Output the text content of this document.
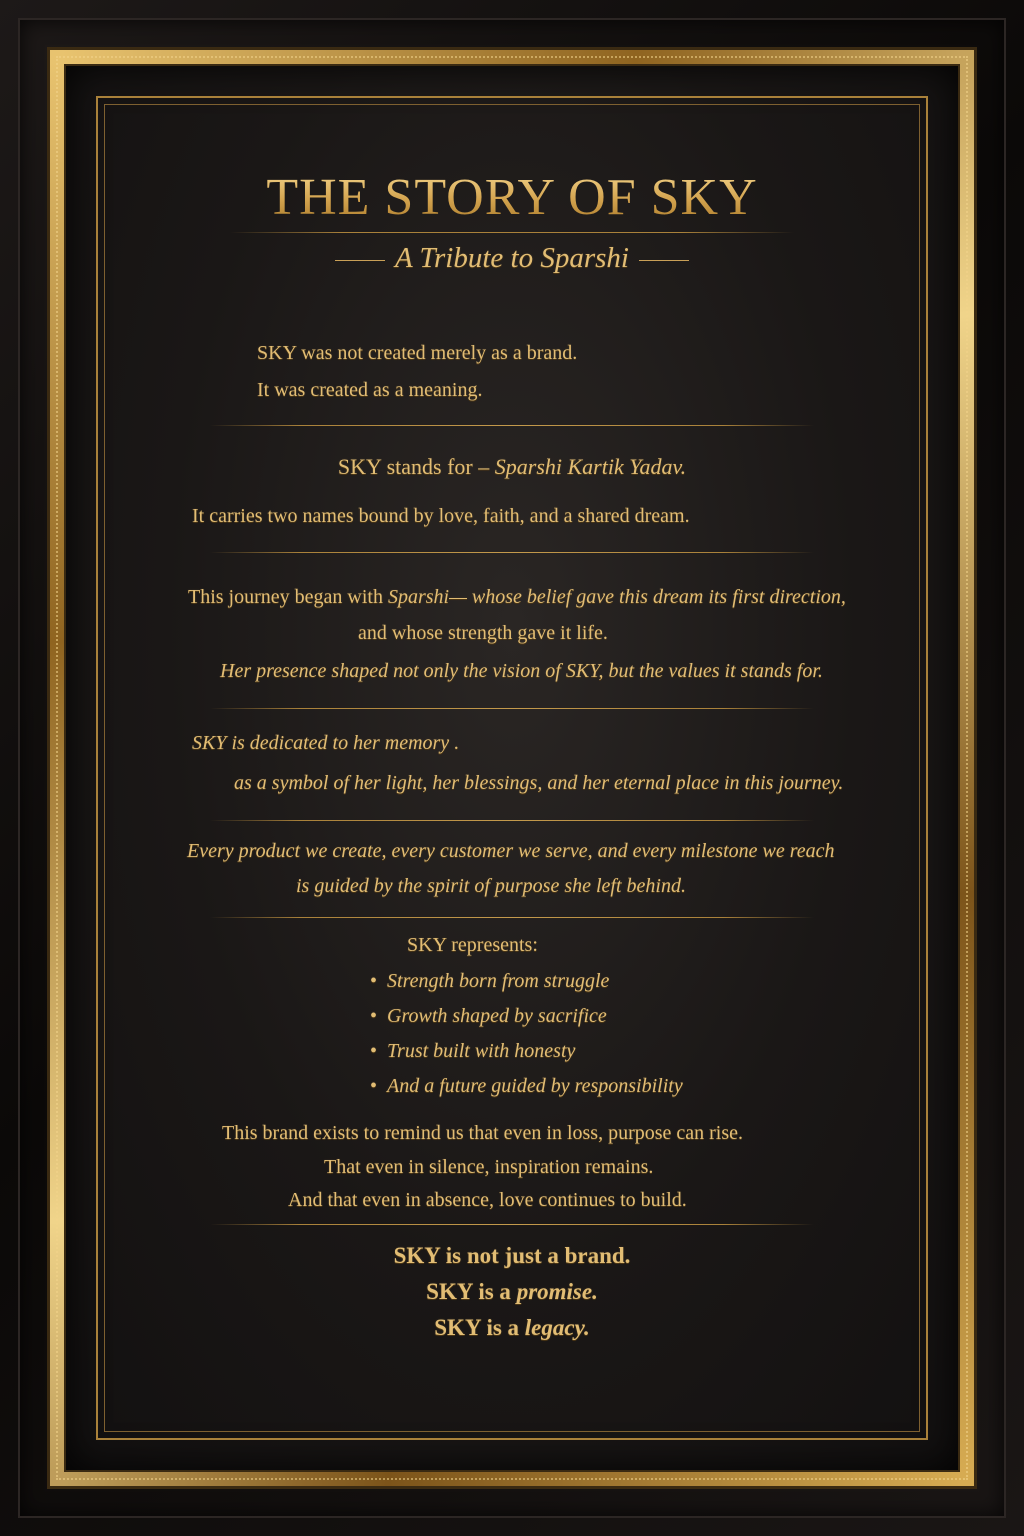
THE STORY OF SKY
A Tribute to Sparshi
SKY was not created merely as a brand.
It was created as a meaning.
SKY stands for – Sparshi Kartik Yadav.
It carries two names bound by love, faith, and a shared dream.
This journey began with Sparshi— whose belief gave this dream its first direction,
and whose strength gave it life.
Her presence shaped not only the vision of SKY, but the values it stands for.
SKY is dedicated to her memory .
as a symbol of her light, her blessings, and her eternal place in this journey.
Every product we create, every customer we serve, and every milestone we reach
is guided by the spirit of purpose she left behind.
SKY represents:
• Strength born from struggle
• Growth shaped by sacrifice
• Trust built with honesty
• And a future guided by responsibility
This brand exists to remind us that even in loss, purpose can rise.
That even in silence, inspiration remains.
And that even in absence, love continues to build.
SKY is not just a brand.
SKY is a promise.
SKY is a legacy.
